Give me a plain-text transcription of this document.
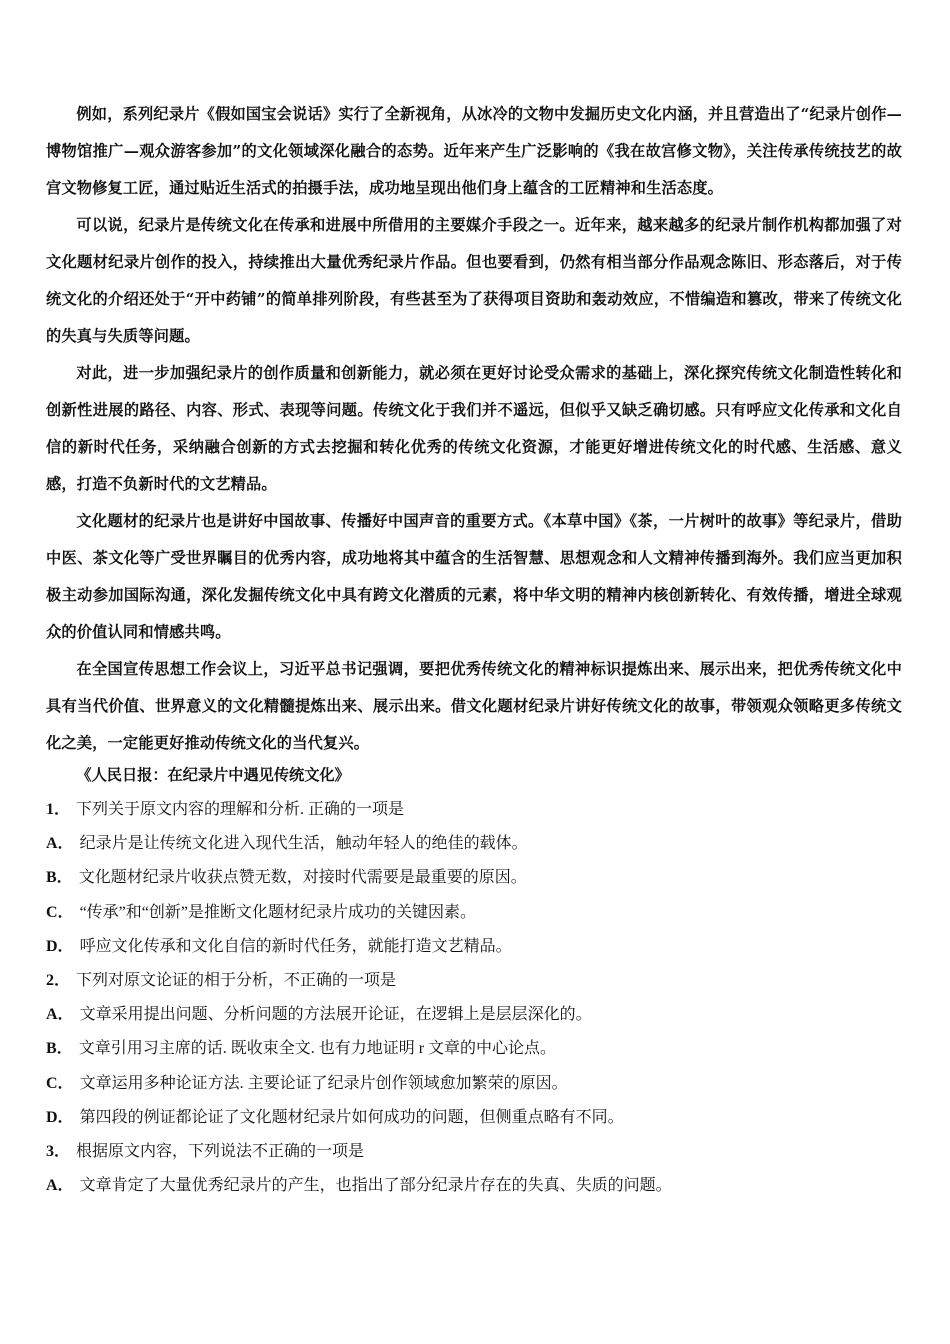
例如，系列纪录片《假如国宝会说话》实行了全新视角，从冰冷的文物中发掘历史文化内涵，并且营造出了“纪录片创作—博物馆推广—观众游客参加”的文化领域深化融合的态势。近年来产生广泛影响的《我在故宫修文物》，关注传承传统技艺的故宫文物修复工匠，通过贴近生活式的拍摄手法，成功地呈现出他们身上蕴含的工匠精神和生活态度。

可以说，纪录片是传统文化在传承和进展中所借用的主要媒介手段之一。近年来，越来越多的纪录片制作机构都加强了对文化题材纪录片创作的投入，持续推出大量优秀纪录片作品。但也要看到，仍然有相当部分作品观念陈旧、形态落后，对于传统文化的介绍还处于“开中药铺”的简单排列阶段，有些甚至为了获得项目资助和轰动效应，不惜编造和篡改，带来了传统文化的失真与失质等问题。

对此，进一步加强纪录片的创作质量和创新能力，就必须在更好讨论受众需求的基础上，深化探究传统文化制造性转化和创新性进展的路径、内容、形式、表现等问题。传统文化于我们并不遥远，但似乎又缺乏确切感。只有呼应文化传承和文化自信的新时代任务，采纳融合创新的方式去挖掘和转化优秀的传统文化资源，才能更好增进传统文化的时代感、生活感、意义感，打造不负新时代的文艺精品。

文化题材的纪录片也是讲好中国故事、传播好中国声音的重要方式。《本草中国》《茶，一片树叶的故事》等纪录片，借助中医、茶文化等广受世界瞩目的优秀内容，成功地将其中蕴含的生活智慧、思想观念和人文精神传播到海外。我们应当更加积极主动参加国际沟通，深化发掘传统文化中具有跨文化潜质的元素，将中华文明的精神内核创新转化、有效传播，增进全球观众的价值认同和情感共鸣。

在全国宣传思想工作会议上，习近平总书记强调，要把优秀传统文化的精神标识提炼出来、展示出来，把优秀传统文化中具有当代价值、世界意义的文化精髓提炼出来、展示出来。借文化题材纪录片讲好传统文化的故事，带领观众领略更多传统文化之美，一定能更好推动传统文化的当代复兴。

《人民日报：在纪录片中遇见传统文化》

1． 下列关于原文内容的理解和分析. 正确的一项是

A． 纪录片是让传统文化进入现代生活，触动年轻人的绝佳的载体。

B． 文化题材纪录片收获点赞无数，对接时代需要是最重要的原因。

C． “传承”和“创新”是推断文化题材纪录片成功的关键因素。

D． 呼应文化传承和文化自信的新时代任务，就能打造文艺精品。

2． 下列对原文论证的相于分析，不正确的一项是

A． 文章采用提出问题、分析问题的方法展开论证，在逻辑上是层层深化的。

B． 文章引用习主席的话. 既收束全文. 也有力地证明 r 文章的中心论点。

C． 文章运用多种论证方法. 主要论证了纪录片创作领域愈加繁荣的原因。

D． 第四段的例证都论证了文化题材纪录片如何成功的问题，但侧重点略有不同。

3． 根据原文内容，下列说法不正确的一项是

A． 文章肯定了大量优秀纪录片的产生，也指出了部分纪录片存在的失真、失质的问题。
